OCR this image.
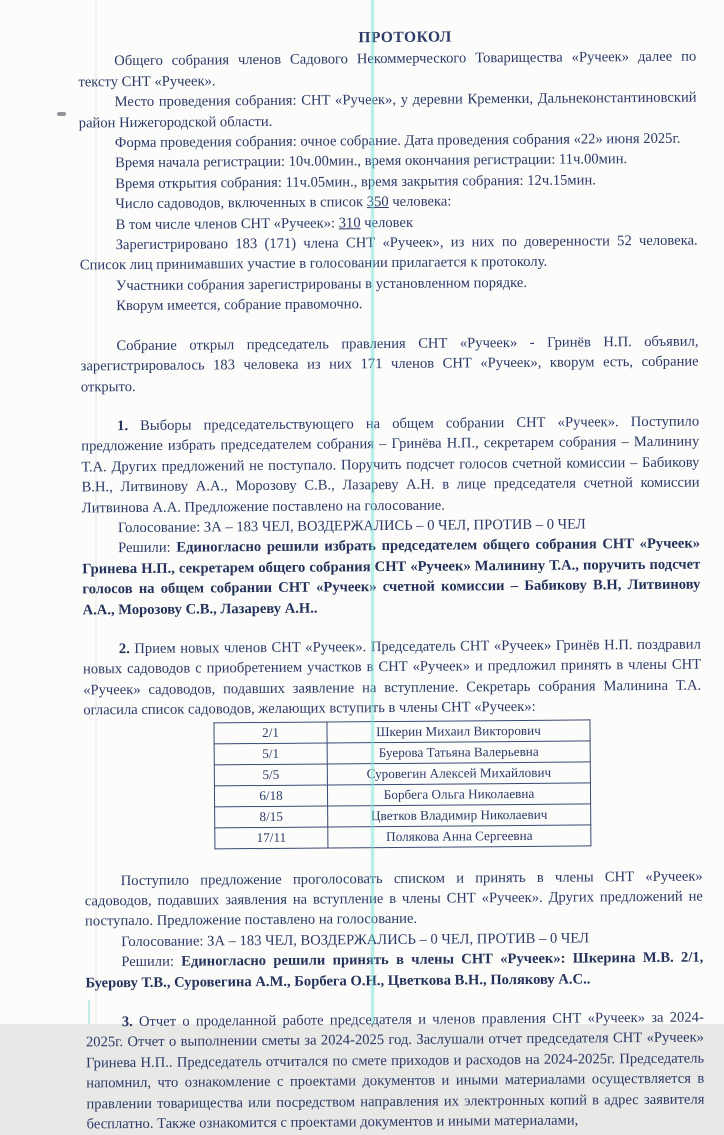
ПРОТОКОЛ

Общего собрания членов Садового Некоммерческого Товарищества «Ручеек» далее по тексту СНТ «Ручеек».

Место проведения собрания: СНТ «Ручеек», у деревни Кременки, Дальнеконстантиновский район Нижегородской области.

Форма проведения собрания: очное собрание. Дата проведения собрания «22» июня 2025г.

Время начала регистрации: 10ч.00мин., время окончания регистрации: 11ч.00мин.

Время открытия собрания: 11ч.05мин., время закрытия собрания: 12ч.15мин.

Число садоводов, включенных в список 350 человека:

В том числе членов СНТ «Ручеек»: 310 человек

Зарегистрировано 183 (171) члена СНТ «Ручеек», из них по доверенности 52 человека. Список лиц принимавших участие в голосовании прилагается к протоколу.

Участники собрания зарегистрированы в установленном порядке.

Кворум имеется, собрание правомочно.

Собрание открыл председатель правления СНТ «Ручеек» - Гринёв Н.П. объявил, зарегистрировалось 183 человека из них 171 членов СНТ «Ручеек», кворум есть, собрание открыто.

1. Выборы председательствующего на общем собрании СНТ «Ручеек». Поступило предложение избрать председателем собрания – Гринёва Н.П., секретарем собрания – Малинину Т.А. Других предложений не поступало. Поручить подсчет голосов счетной комиссии – Бабикову В.Н., Литвинову А.А., Морозову С.В., Лазареву А.Н. в лице председателя счетной комиссии Литвинова А.А. Предложение поставлено на голосование.

Голосование: ЗА – 183 ЧЕЛ, ВОЗДЕРЖАЛИСЬ – 0 ЧЕЛ, ПРОТИВ – 0 ЧЕЛ

Решили: Единогласно решили избрать председателем общего собрания СНТ «Ручеек» Гринева Н.П., секретарем общего собрания СНТ «Ручеек» Малинину Т.А., поручить подсчет голосов на общем собрании СНТ «Ручеек» счетной комиссии – Бабикову В.Н, Литвинову А.А., Морозову С.В., Лазареву А.Н..

2. Прием новых членов СНТ «Ручеек». Председатель СНТ «Ручеек» Гринёв Н.П. поздравил новых садоводов с приобретением участков в СНТ «Ручеек» и предложил принять в члены СНТ «Ручеек» садоводов, подавших заявление на вступление. Секретарь собрания Малинина Т.А. огласила список садоводов, желающих вступить в члены СНТ «Ручеек»:

2/1	Шкерин Михаил Викторович
5/1	Буерова Татьяна Валерьевна
5/5	Суровегин Алексей Михайлович
6/18	Борбега Ольга Николаевна
8/15	Цветков Владимир Николаевич
17/11	Полякова Анна Сергеевна

Поступило предложение проголосовать списком и принять в члены СНТ «Ручеек» садоводов, подавших заявления на вступление в члены СНТ «Ручеек». Других предложений не поступало. Предложение поставлено на голосование.

Голосование: ЗА – 183 ЧЕЛ, ВОЗДЕРЖАЛИСЬ – 0 ЧЕЛ, ПРОТИВ – 0 ЧЕЛ

Решили: Единогласно решили принять в члены СНТ «Ручеек»: Шкерина М.В. 2/1, Буерову Т.В., Суровегина А.М., Борбега О.Н., Цветкова В.Н., Полякову А.С..

3. Отчет о проделанной работе председателя и членов правления СНТ «Ручеек» за 2024-2025г. Отчет о выполнении сметы за 2024-2025 год. Заслушали отчет председателя СНТ «Ручеек» Гринева Н.П.. Председатель отчитался по смете приходов и расходов на 2024-2025г. Председатель напомнил, что ознакомление с проектами документов и иными материалами осуществляется в правлении товарищества или посредством направления их электронных копий в адрес заявителя бесплатно. Также ознакомится с проектами документов и иными материалами,
